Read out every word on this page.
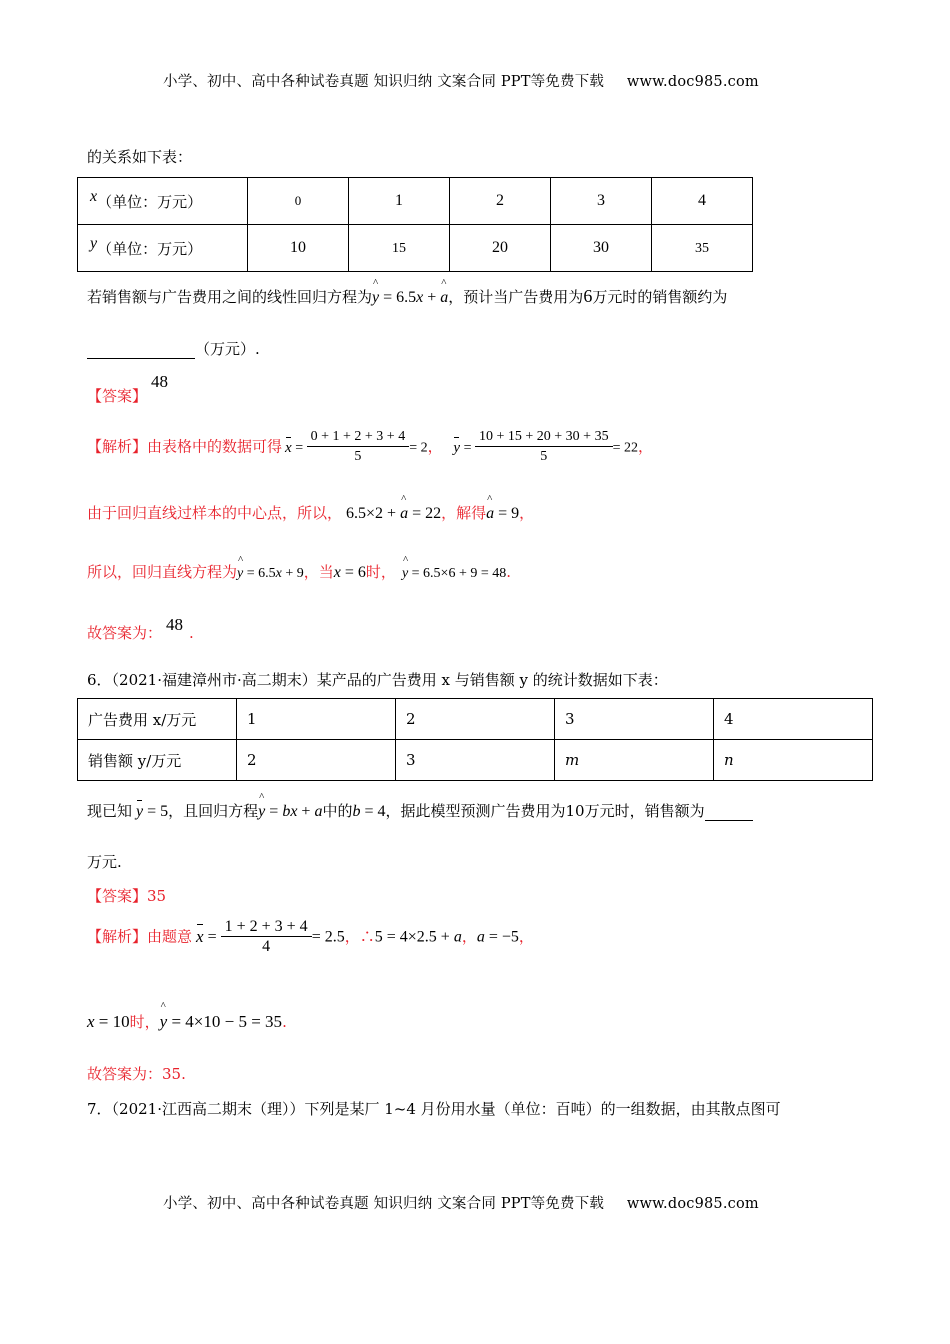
小学、初中、高中各种试卷真题 知识归纳 文案合同 PPT等免费下载 www.doc985.com
的关系如下表：
x（单位：万元）	0	1	2	3	4
y（单位：万元）	10	15	20	30	35
若销售额与广告费用之间的线性回归方程为^ y = 6.5x + ^ a，预计当广告费用为6万元时的销售额约为
（万元）.
【答案】48
【解析】由表格中的数据可得 $x = \frac{0 + 1 + 2 + 3 + 4}{5} = 2$， $y = \frac{10 + 15 + 20 + 30 + 35}{5} = 22$，
由于回归直线过样本的中心点，所以， 6.5×2 + ^ a = 22，解得^ a = 9，
所以，回归直线方程为^ y = 6.5x + 9，当x = 6时， ^ y = 6.5×6 + 9 = 48.
故答案为： 48 .
6．（2021·福建漳州市·高二期末）某产品的广告费用 x 与销售额 y 的统计数据如下表：
广告费用 x/万元	1	2	3	4
销售额 y/万元	2	3	m	n
现已知 y = 5，且回归方程^ y = bx + a中的b = 4，据此模型预测广告费用为10万元时，销售额为
万元.
【答案】35
【解析】由题意 $x = \frac{1 + 2 + 3 + 4}{4} = 2.5$，∴5 = 4×2.5 + a，a = −5，
x = 10时，^ y = 4×10 − 5 = 35.
故答案为：35.
7．（2021·江西高二期末（理））下列是某厂 1~4 月份用水量（单位：百吨）的一组数据，由其散点图可
小学、初中、高中各种试卷真题 知识归纳 文案合同 PPT等免费下载 www.doc985.com
